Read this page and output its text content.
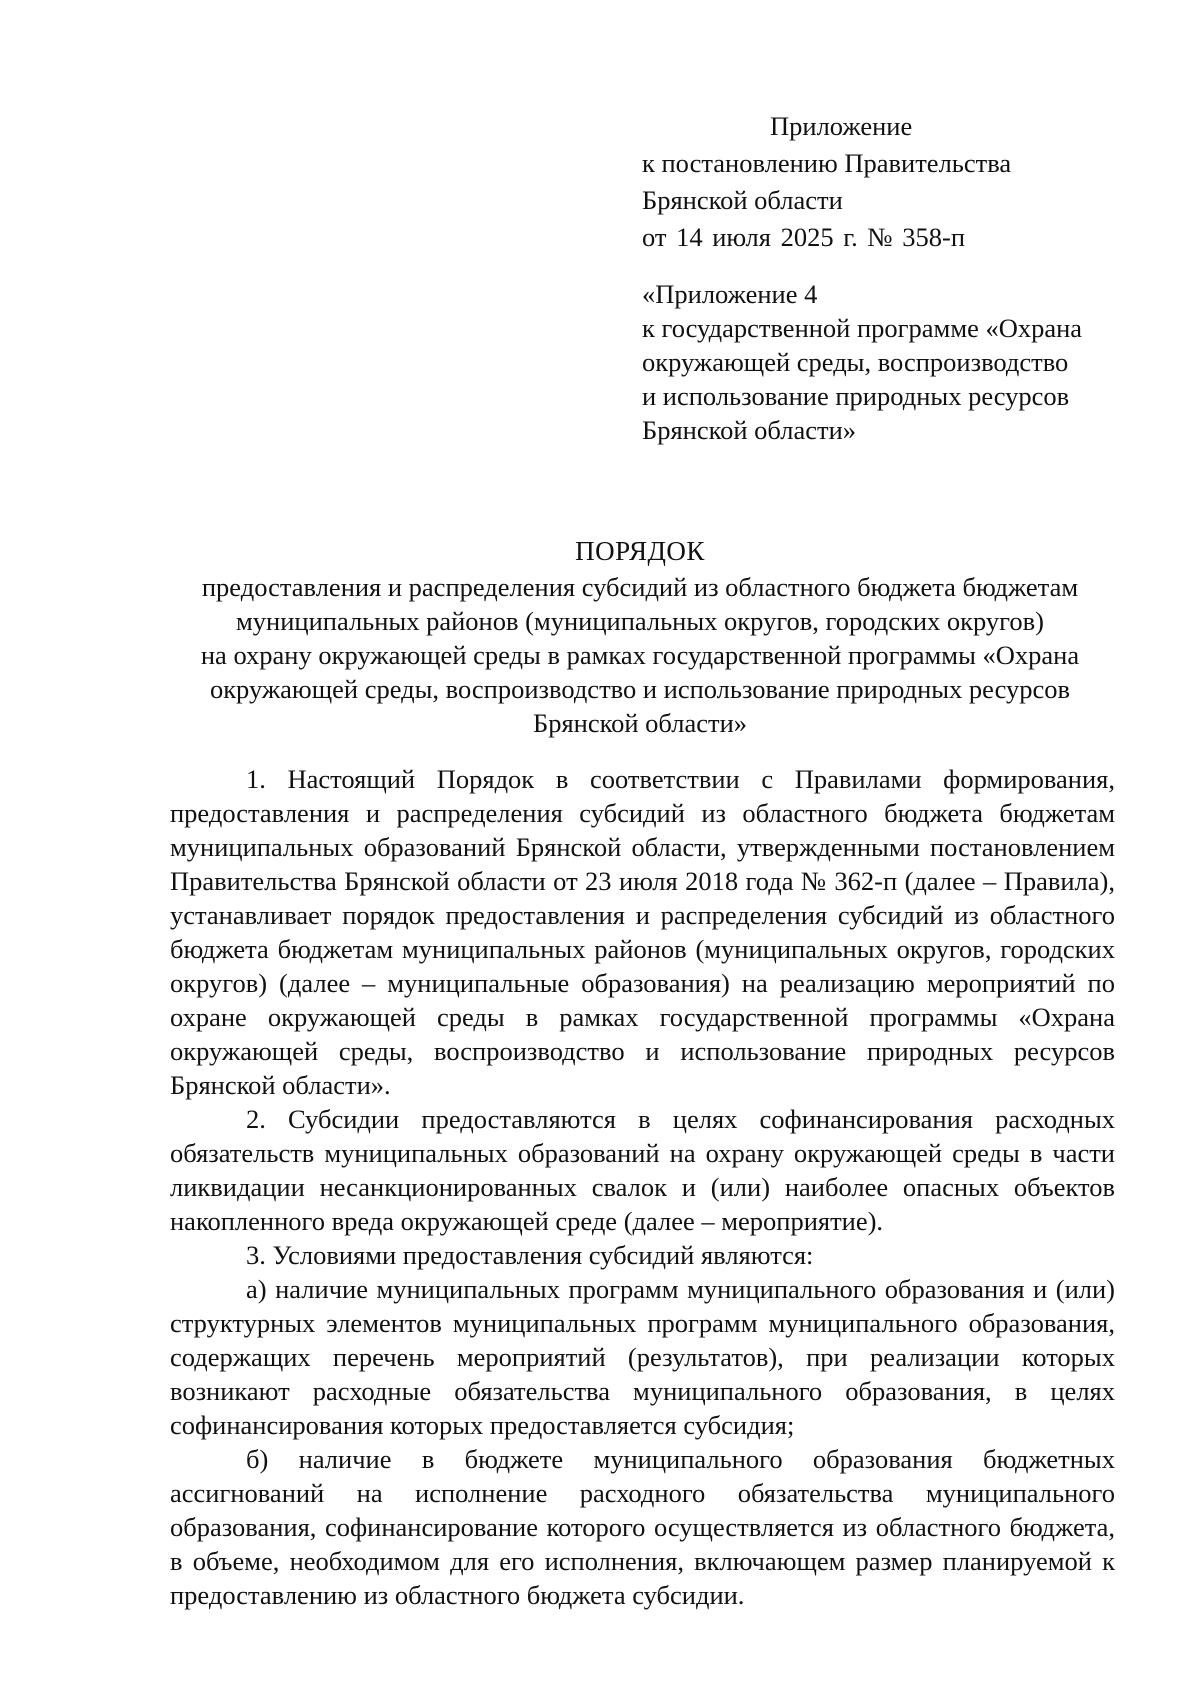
Приложение
к постановлению Правительства
Брянской области
от 14 июля 2025 г. № 358-п
«Приложение 4
к государственной программе «Охрана
окружающей среды, воспроизводство
и использование природных ресурсов
Брянской области»
ПОРЯДОК
предоставления и распределения субсидий из областного бюджета бюджетам
муниципальных районов (муниципальных округов, городских округов)
на охрану окружающей среды в рамках государственной программы «Охрана
окружающей среды, воспроизводство и использование природных ресурсов
Брянской области»

1. Настоящий Порядок в соответствии с Правилами формирования, предоставления и распределения субсидий из областного бюджета бюджетам муниципальных образований Брянской области, утвержденными постановлением Правительства Брянской области от 23 июля 2018 года № 362-п (далее – Правила), устанавливает порядок предоставления и распределения субсидий из областного бюджета бюджетам муниципальных районов (муниципальных округов, городских округов) (далее – муниципальные образования) на реализацию мероприятий по охране окружающей среды в рамках государственной программы «Охрана окружающей среды, воспроизводство и использование природных ресурсов Брянской области».

2. Субсидии предоставляются в целях софинансирования расходных обязательств муниципальных образований на охрану окружающей среды в части ликвидации несанкционированных свалок и (или) наиболее опасных объектов накопленного вреда окружающей среде (далее – мероприятие).

3. Условиями предоставления субсидий являются:

а) наличие муниципальных программ муниципального образования и (или) структурных элементов муниципальных программ муниципального образования, содержащих перечень мероприятий (результатов), при реализации которых возникают расходные обязательства муниципального образования, в целях софинансирования которых предоставляется субсидия;

б) наличие в бюджете муниципального образования бюджетных ассигнований на исполнение расходного обязательства муниципального образования, софинансирование которого осуществляется из областного бюджета, в объеме, необходимом для его исполнения, включающем размер планируемой к предоставлению из областного бюджета субсидии.
